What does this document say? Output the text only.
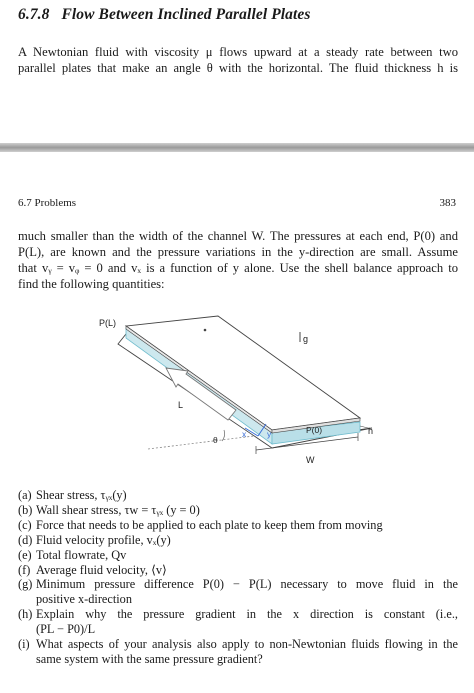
6.7.8 Flow Between Inclined Parallel Plates
A Newtonian fluid with viscosity μ flows upward at a steady rate between two
parallel plates that make an angle θ with the horizontal. The fluid thickness h is
6.7 Problems	383
much smaller than the width of the channel W. The pressures at each end, P(0) and
P(L), are known and the pressure variations in the y-direction are small. Assume
that vᵧ = vᵩ = 0 and vₓ is a function of y alone. Use the shell balance approach to
find the following quantities:
P(L)
g
L
P(0)	h
θ
x y
W
(a) Shear stress, τᵧₓ(y)
(b) Wall shear stress, τw = τᵧₓ (y = 0)
(c) Force that needs to be applied to each plate to keep them from moving
(d) Fluid velocity profile, vₓ(y)
(e) Total flowrate, Qv
(f) Average fluid velocity, ⟨v⟩
(g) Minimum pressure difference P(0) − P(L) necessary to move fluid in the
positive x-direction
(h) Explain why the pressure gradient in the x direction is constant (i.e.,
(PL − P0)/L
(i) What aspects of your analysis also apply to non-Newtonian fluids flowing in the
same system with the same pressure gradient?
